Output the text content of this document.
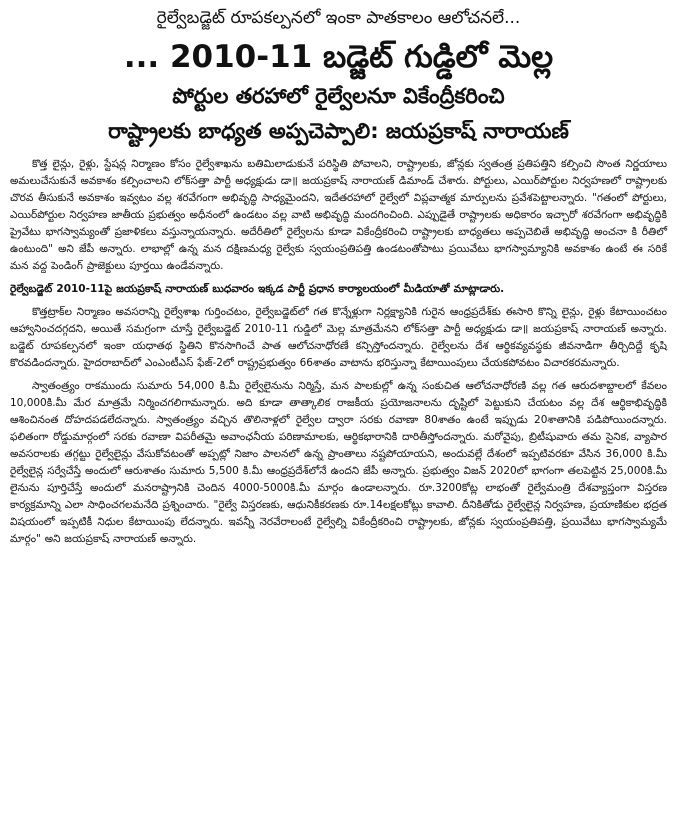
రైల్వేబడ్జెట్ రూపకల్పనలో ఇంకా పాతకాలం ఆలోచనలే...
... 2010-11 బడ్జెట్ గుడ్డిలో మెల్ల
పోర్టుల తరహాలో రైల్వేలనూ వికేంద్రీకరించి
రాష్ట్రాలకు బాధ్యత అప్పచెప్పాలి: జయప్రకాష్ నారాయణ్

కొత్త లైన్లు, రైళ్లు, స్టేషన్ల నిర్మాణం కోసం రైల్వేశాఖను బతిమిలాడుకునే పరిస్థితి పోవాలని, రాష్ట్రాలకు, జోన్లకు స్వతంత్ర ప్రతిపత్తిని కల్పించి సొంత నిర్ణయాలు అమలుచేసుకునే అవకాశం కల్పించాలని లోక్‌సత్తా పార్టీ అధ్యక్షుడు డా॥ జయప్రకాష్ నారాయణ్ డిమాండ్ చేశారు. పోర్టులు, ఎయిర్‌పోర్టుల నిర్వహణలో రాష్ట్రాలకు చొరవ తీసుకునే అవకాశం ఇవ్వటం వల్ల శరవేగంగా అభివృద్ధి సాధ్యమైందని, ఇదేతరహాలో రైల్వేలో విప్లవాత్మక మార్పులను ప్రవేశపెట్టాలన్నారు. "గతంలో పోర్టులు, ఎయిర్‌పోర్టుల నిర్వహణ జాతీయ ప్రభుత్వం అధీనంలో ఉండటం వల్ల వాటి అభివృద్ధి మందగించింది. ఎప్పుడైతే రాష్ట్రాలకు అధికారం ఇచ్చారో శరవేగంగా అభివృద్ధికి ప్రైవేటు భాగస్వామ్యంతో ప్రజాళికలు వస్తున్నాయన్నారు. అదేరీతిలో రైల్వేలను కూడా వికేంద్రీకరించి రాష్ట్రాలకు బాధ్యతలు అప్పచెబితే అభివృద్ధి అంచనా కి రీతిలో ఉంటుంది" అని జేపీ అన్నారు. లాభాల్లో ఉన్న మన దక్షిణమధ్య రైల్వేకు స్వయంప్రతిపత్తి ఉండటంతోపాటు ప్రయివేటు భాగస్వామ్యానికి అవకాశం ఉంటే ఈ సరికే మన వద్ద పెండింగ్ ప్రాజెక్టులు పూర్తయి ఉండేవన్నారు.

రైల్వేబడ్జెట్ 2010-11పై జయప్రకాష్ నారాయణ్ బుధవారం ఇక్కడ పార్టీ ప్రధాన కార్యాలయంలో మీడియాతో మాట్లాడారు.

కొత్తట్రాక్‌ల నిర్మాణం అవసరాన్ని రైల్వేశాఖ గుర్తించటం, రైల్వేబడ్జెట్‌లో గత కొన్నేళ్లుగా నిర్లక్ష్యానికి గురైన ఆంధ్రప్రదేశ్‌కు ఈసారి కొన్ని లైన్లు, రైళ్లు కేటాయించటం ఆహ్వానించదగ్గదని, అయితే సమగ్రంగా చూస్తే రైల్వేబడ్జెట్ 2010-11 గుడ్డిలో మెల్ల మాత్రమేనని లోక్‌సత్తా పార్టీ అధ్యక్షుడు డా॥ జయప్రకాష్ నారాయణ్ అన్నారు. బడ్జెట్ రూపకల్పనలో ఇంకా యధాతథ స్థితిని కొనసాగించే పాత ఆలోచనాధోరణే కన్పిస్తోందన్నారు. రైల్వేలను దేశ ఆర్థికవ్యవస్థకు జీవనాడిగా తీర్చిదిద్దే కృషి కొరవడిందన్నారు. హైదరాబాద్‌లో ఎంఎంటీఎస్ ఫేజ్-2లో రాష్ట్రప్రభుత్వం 66శాతం వాటాను భరిస్తున్నా కేటాయింపులు చేయకపోవటం విచారకరమన్నారు.

స్వాతంత్ర్యం రాకముందు సుమారు 54,000 కి.మీ రైల్వేలైనును నిర్మిస్తే, మన పాలకుల్లో ఉన్న సంకుచిత ఆలోచనాధోరణి వల్ల గత ఆరుదశాబ్దాలలో కేవలం 10,000కి.మీ మేర మాత్రమే నిర్మించగలిగామన్నారు. అది కూడా తాత్కాలిక రాజకీయ ప్రయోజనాలను దృష్టిలో పెట్టుకుని చేయటం వల్ల దేశ ఆర్థికాభివృద్ధికి ఆశించినంత దోహదపడలేదన్నారు. స్వాతంత్ర్యం వచ్చిన తొలినాళ్లలో రైల్వేల ద్వారా సరకు రవాణా 80శాతం ఉంటే ఇప్పుడు 20శాతానికి పడిపోయిందన్నారు. ఫలితంగా రోడ్డుమార్గంలో సరకు రవాణా విపరీతమై అవాంఛనీయ పరిణామాలకు, ఆర్థికభారానికి దారితీస్తోందన్నారు. మరోవైపు, బ్రిటీషువారు తమ సైనిక, వ్యాపార అవసరాలకు తగ్గట్టు రైల్వేలైన్లు వేసుకోవటంతో అప్పట్లో నిజాం పాలనలో ఉన్న ప్రాంతాలు నష్టపోయాయని, అందువల్లే దేశంలో ఇప్పటివరకూ వేసిన 36,000 కి.మీ రైల్వేలైన్ల సర్వేచేస్తే అందులో ఆరుశాతం సుమారు 5,500 కి.మీ ఆంధ్రప్రదేశ్‌లోనే ఉందని జేపీ అన్నారు. ప్రభుత్వం విజన్ 2020లో భాగంగా తలపెట్టిన 25,000కి.మీ లైనును పూర్తిచేస్తే అందులో మనరాష్ట్రానికి చెందిన 4000-5000కి.మీ మార్గం ఉండాలన్నారు. రూ.3200కోట్ల లాభంతో రైల్వేమంత్రి దేశవ్యాప్తంగా విస్తరణ కార్యక్రమాన్ని ఎలా సాధించగలమనేది ప్రశ్నించారు. "రైల్వే విస్తరణకు, ఆధునికీకరణకు రూ.14లక్షలకోట్లు కావాలి. దీనికితోడు రైల్వేలైన్ల నిర్వహణ, ప్రయాణికుల భద్రత విషయంలో ఇప్పటికీ నిధుల కేటాయింపు లేదన్నారు. ఇవన్నీ నెరవేరాలంటే రైల్వేల్ని వికేంద్రీకరించి రాష్ట్రాలకు, జోన్లకు స్వయంప్రతిపత్తి, ప్రయివేటు భాగస్వామ్యమే మార్గం" అని జయప్రకాష్ నారాయణ్ అన్నారు.
